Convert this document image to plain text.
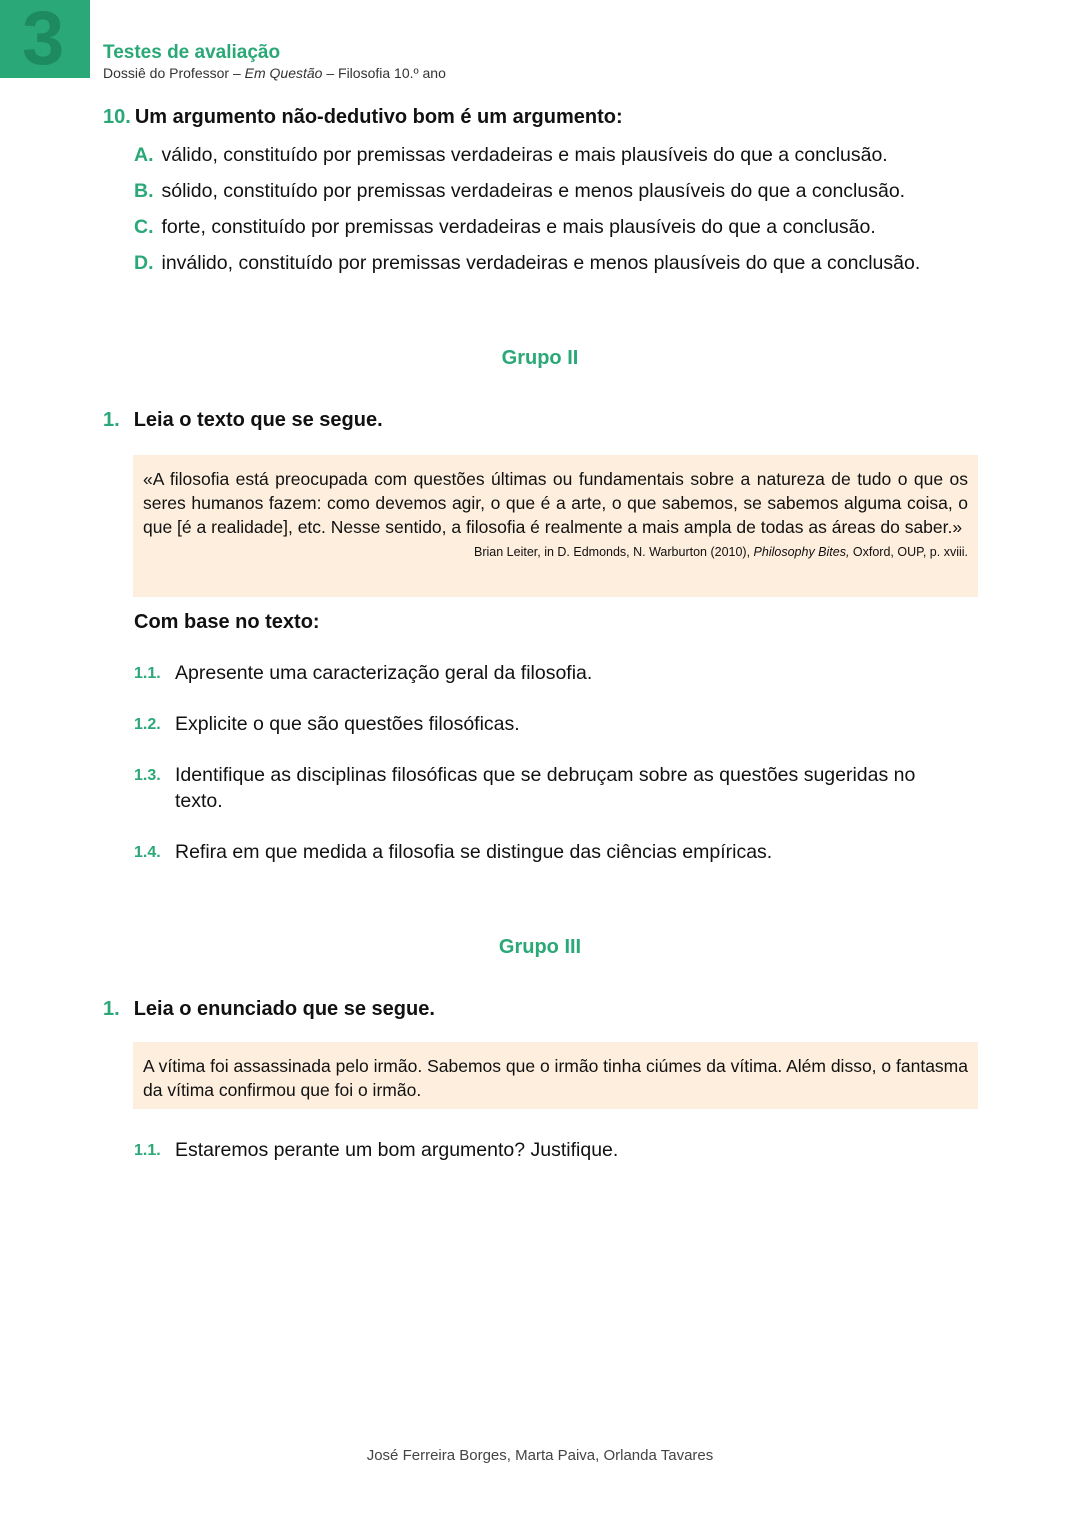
3 Testes de avaliação
Dossiê do Professor – Em Questão – Filosofia 10.º ano
10. Um argumento não-dedutivo bom é um argumento:
A. válido, constituído por premissas verdadeiras e mais plausíveis do que a conclusão.
B. sólido, constituído por premissas verdadeiras e menos plausíveis do que a conclusão.
C. forte, constituído por premissas verdadeiras e mais plausíveis do que a conclusão.
D. inválido, constituído por premissas verdadeiras e menos plausíveis do que a conclusão.
Grupo II
1. Leia o texto que se segue.
«A filosofia está preocupada com questões últimas ou fundamentais sobre a natureza de tudo o que os seres humanos fazem: como devemos agir, o que é a arte, o que sabemos, se sabemos alguma coisa, o que [é a realidade], etc. Nesse sentido, a filosofia é realmente a mais ampla de todas as áreas do saber.»
Brian Leiter, in D. Edmonds, N. Warburton (2010), Philosophy Bites, Oxford, OUP, p. xviii.
Com base no texto:
1.1. Apresente uma caracterização geral da filosofia.
1.2. Explicite o que são questões filosóficas.
1.3. Identifique as disciplinas filosóficas que se debruçam sobre as questões sugeridas no texto.
1.4. Refira em que medida a filosofia se distingue das ciências empíricas.
Grupo III
1. Leia o enunciado que se segue.
A vítima foi assassinada pelo irmão. Sabemos que o irmão tinha ciúmes da vítima. Além disso, o fantasma da vítima confirmou que foi o irmão.
1.1. Estaremos perante um bom argumento? Justifique.
José Ferreira Borges, Marta Paiva, Orlanda Tavares
